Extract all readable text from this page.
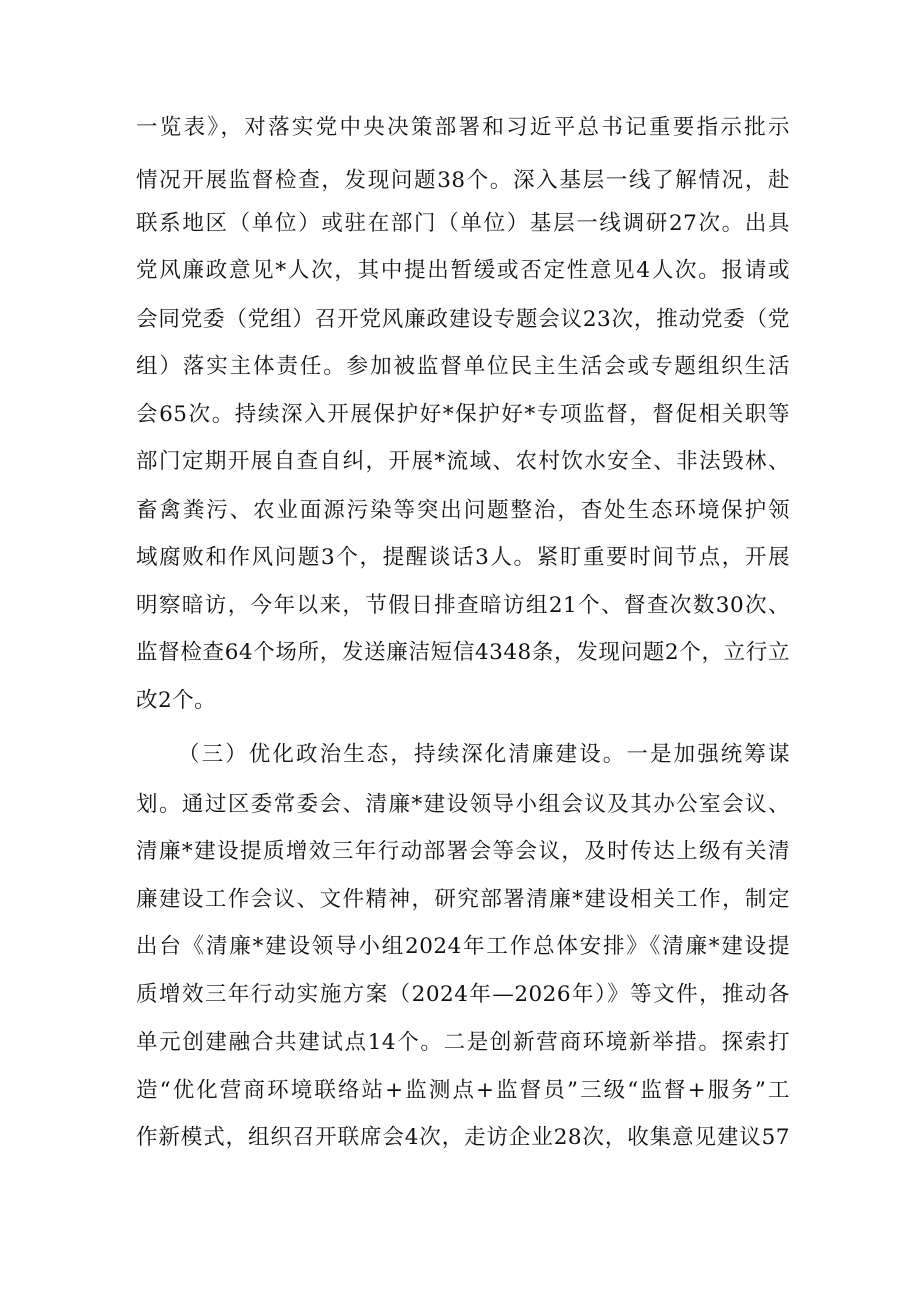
一览表》，对落实党中央决策部署和习近平总书记重要指示批示
情况开展监督检查，发现问题38个。深入基层一线了解情况，赴
联系地区（单位）或驻在部门（单位）基层一线调研27次。出具
党风廉政意见*人次，其中提出暂缓或否定性意见4人次。报请或
会同党委（党组）召开党风廉政建设专题会议23次，推动党委（党
组）落实主体责任。参加被监督单位民主生活会或专题组织生活
会65次。持续深入开展保护好*保护好*专项监督，督促相关职等
部门定期开展自查自纠，开展*流域、农村饮水安全、非法毁林、
畜禽粪污、农业面源污染等突出问题整治，杳处生态环境保护领
域腐败和作风问题3个，提醒谈话3人。紧盯重要时间节点，开展
明察暗访，今年以来，节假日排查暗访组21个、督查次数30次、
监督检查64个场所，发送廉洁短信4348条，发现问题2个，立行立
改2个。
（三）优化政治生态，持续深化清廉建设。一是加强统筹谋
划。通过区委常委会、清廉*建设领导小组会议及其办公室会议、
清廉*建设提质增效三年行动部署会等会议，及时传达上级有关清
廉建设工作会议、文件精神，研究部署清廉*建设相关工作，制定
出台《清廉*建设领导小组2024年工作总体安排》《清廉*建设提
质增效三年行动实施方案（2024年—2026年）》等文件，推动各
单元创建融合共建试点14个。二是创新营商环境新举措。探索打
造“优化营商环境联络站+监测点+监督员”三级“监督+服务”工
作新模式，组织召开联席会4次，走访企业28次，收集意见建议57
